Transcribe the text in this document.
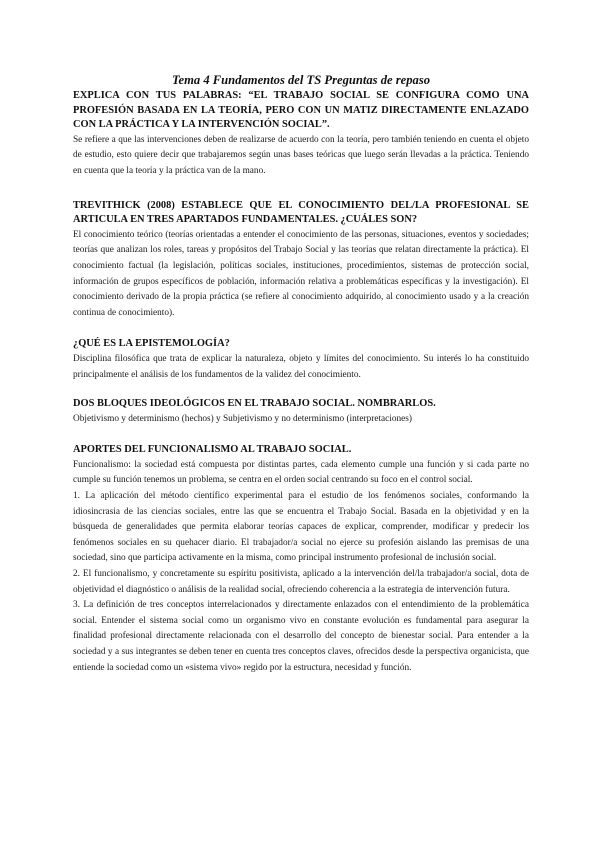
Tema 4 Fundamentos del TS Preguntas de repaso

EXPLICA CON TUS PALABRAS: “EL TRABAJO SOCIAL SE CONFIGURA COMO UNA PROFESIÓN BASADA EN LA TEORÍA, PERO CON UN MATIZ DIRECTAMENTE ENLAZADO CON LA PRÁCTICA Y LA INTERVENCIÓN SOCIAL”.

Se refiere a que las intervenciones deben de realizarse de acuerdo con la teoría, pero también teniendo en cuenta el objeto de estudio, esto quiere decir que trabajaremos según unas bases teóricas que luego serán llevadas a la práctica. Teniendo en cuenta que la teoría y la práctica van de la mano.

TREVITHICK (2008) ESTABLECE QUE EL CONOCIMIENTO DEL/LA PROFESIONAL SE ARTICULA EN TRES APARTADOS FUNDAMENTALES. ¿CUÁLES SON?

El conocimiento teórico (teorías orientadas a entender el conocimiento de las personas, situaciones, eventos y sociedades; teorías que analizan los roles, tareas y propósitos del Trabajo Social y las teorías que relatan directamente la práctica). El conocimiento factual (la legislación, políticas sociales, instituciones, procedimientos, sistemas de protección social, información de grupos específicos de población, información relativa a problemáticas específicas y la investigación). El conocimiento derivado de la propia práctica (se refiere al conocimiento adquirido, al conocimiento usado y a la creación continua de conocimiento).

¿QUÉ ES LA EPISTEMOLOGÍA?

Disciplina filosófica que trata de explicar la naturaleza, objeto y límites del conocimiento. Su interés lo ha constituido principalmente el análisis de los fundamentos de la validez del conocimiento.

DOS BLOQUES IDEOLÓGICOS EN EL TRABAJO SOCIAL. NOMBRARLOS.

Objetivismo y determinismo (hechos) y Subjetivismo y no determinismo (interpretaciones)

APORTES DEL FUNCIONALISMO AL TRABAJO SOCIAL.

Funcionalismo: la sociedad está compuesta por distintas partes, cada elemento cumple una función y si cada parte no cumple su función tenemos un problema, se centra en el orden social centrando su foco en el control social.

1. La aplicación del método científico experimental para el estudio de los fenómenos sociales, conformando la idiosincrasia de las ciencias sociales, entre las que se encuentra el Trabajo Social. Basada en la objetividad y en la búsqueda de generalidades que permita elaborar teorías capaces de explicar, comprender, modificar y predecir los fenómenos sociales en su quehacer diario. El trabajador/a social no ejerce su profesión aislando las premisas de una sociedad, sino que participa activamente en la misma, como principal instrumento profesional de inclusión social.

2. El funcionalismo, y concretamente su espíritu positivista, aplicado a la intervención del/la trabajador/a social, dota de objetividad el diagnóstico o análisis de la realidad social, ofreciendo coherencia a la estrategia de intervención futura.

3. La definición de tres conceptos interrelacionados y directamente enlazados con el entendimiento de la problemática social. Entender el sistema social como un organismo vivo en constante evolución es fundamental para asegurar la finalidad profesional directamente relacionada con el desarrollo del concepto de bienestar social. Para entender a la sociedad y a sus integrantes se deben tener en cuenta tres conceptos claves, ofrecidos desde la perspectiva organicista, que entiende la sociedad como un «sistema vivo» regido por la estructura, necesidad y función.
